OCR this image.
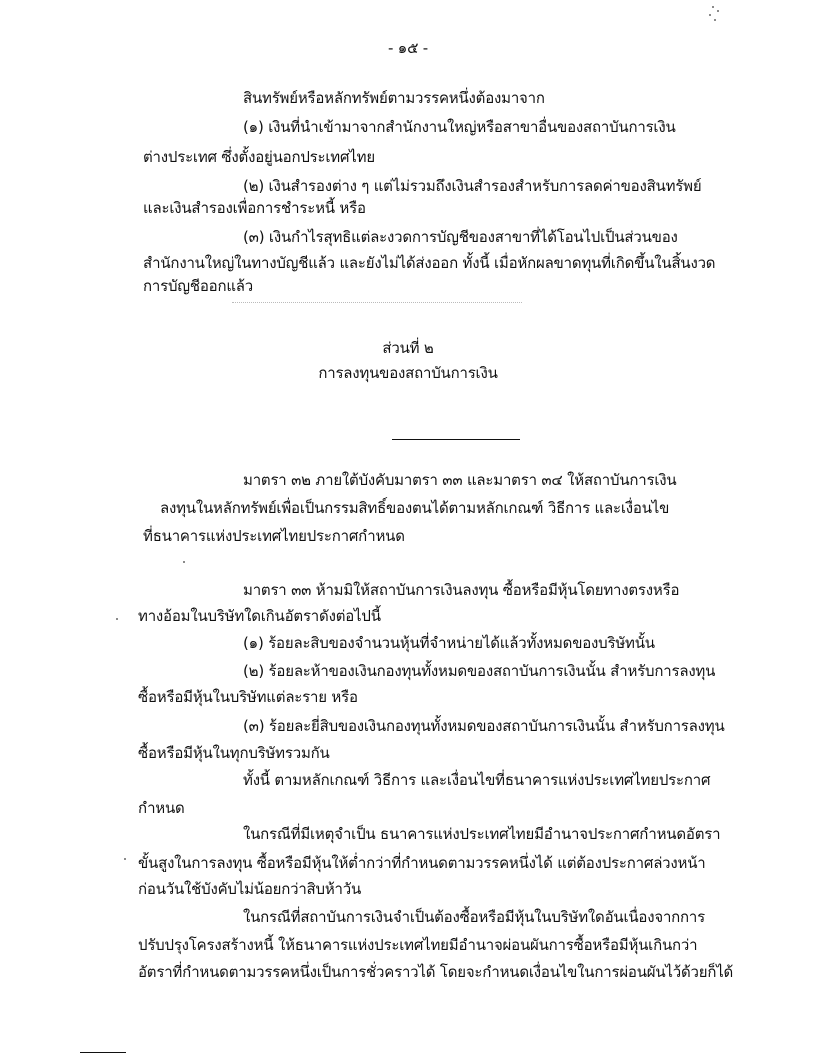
- ๑๕ -
สินทรัพย์หรือหลักทรัพย์ตามวรรคหนึ่งต้องมาจาก
(๑) เงินที่นำเข้ามาจากสำนักงานใหญ่หรือสาขาอื่นของสถาบันการเงิน
ต่างประเทศ ซึ่งตั้งอยู่นอกประเทศไทย
(๒) เงินสำรองต่าง ๆ แต่ไม่รวมถึงเงินสำรองสำหรับการลดค่าของสินทรัพย์
และเงินสำรองเพื่อการชำระหนี้ หรือ
(๓) เงินกำไรสุทธิแต่ละงวดการบัญชีของสาขาที่ได้โอนไปเป็นส่วนของ
สำนักงานใหญ่ในทางบัญชีแล้ว และยังไม่ได้ส่งออก ทั้งนี้ เมื่อหักผลขาดทุนที่เกิดขึ้นในสิ้นงวด
การบัญชีออกแล้ว
ส่วนที่ ๒
การลงทุนของสถาบันการเงิน
มาตรา ๓๒ ภายใต้บังคับมาตรา ๓๓ และมาตรา ๓๔ ให้สถาบันการเงิน
ลงทุนในหลักทรัพย์เพื่อเป็นกรรมสิทธิ์ของตนได้ตามหลักเกณฑ์ วิธีการ และเงื่อนไข
ที่ธนาคารแห่งประเทศไทยประกาศกำหนด
มาตรา ๓๓ ห้ามมิให้สถาบันการเงินลงทุน ซื้อหรือมีหุ้นโดยทางตรงหรือ
ทางอ้อมในบริษัทใดเกินอัตราดังต่อไปนี้
(๑) ร้อยละสิบของจำนวนหุ้นที่จำหน่ายได้แล้วทั้งหมดของบริษัทนั้น
(๒) ร้อยละห้าของเงินกองทุนทั้งหมดของสถาบันการเงินนั้น สำหรับการลงทุน
ซื้อหรือมีหุ้นในบริษัทแต่ละราย หรือ
(๓) ร้อยละยี่สิบของเงินกองทุนทั้งหมดของสถาบันการเงินนั้น สำหรับการลงทุน
ซื้อหรือมีหุ้นในทุกบริษัทรวมกัน
ทั้งนี้ ตามหลักเกณฑ์ วิธีการ และเงื่อนไขที่ธนาคารแห่งประเทศไทยประกาศ
กำหนด
ในกรณีที่มีเหตุจำเป็น ธนาคารแห่งประเทศไทยมีอำนาจประกาศกำหนดอัตรา
ขั้นสูงในการลงทุน ซื้อหรือมีหุ้นให้ต่ำกว่าที่กำหนดตามวรรคหนึ่งได้ แต่ต้องประกาศล่วงหน้า
ก่อนวันใช้บังคับไม่น้อยกว่าสิบห้าวัน
ในกรณีที่สถาบันการเงินจำเป็นต้องซื้อหรือมีหุ้นในบริษัทใดอันเนื่องจากการ
ปรับปรุงโครงสร้างหนี้ ให้ธนาคารแห่งประเทศไทยมีอำนาจผ่อนผันการซื้อหรือมีหุ้นเกินกว่า
อัตราที่กำหนดตามวรรคหนึ่งเป็นการชั่วคราวได้ โดยจะกำหนดเงื่อนไขในการผ่อนผันไว้ด้วยก็ได้
